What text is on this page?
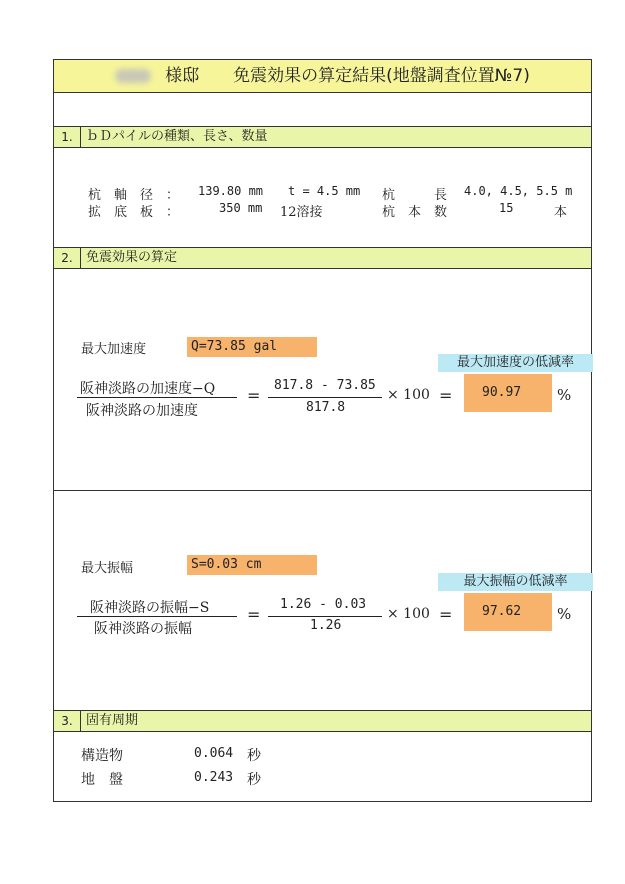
様邸　　免震効果の算定結果(地盤調査位置№7)
1.	ｂＤパイルの種類、長さ、数量
杭　軸　径　： 139.80 mm t = 4.5 mm 杭　　　長 4.0, 4.5, 5.5 m
拡　底　板　：	350 mm 12溶接	杭　本　数	15	本
2.	免震効果の算定
最大加速度	Q=73.85 gal
最大加速度の低減率
阪神淡路の加速度−Q
阪神淡路の加速度
=
817.8 - 73.85
817.8
× 100 = 90.97 %
最大振幅	S=0.03 cm
最大振幅の低減率
阪神淡路の振幅−S
阪神淡路の振幅
=
1.26 - 0.03
1.26
× 100 = 97.62 %
3.	固有周期
構造物	0.064 秒
地　盤	0.243 秒
